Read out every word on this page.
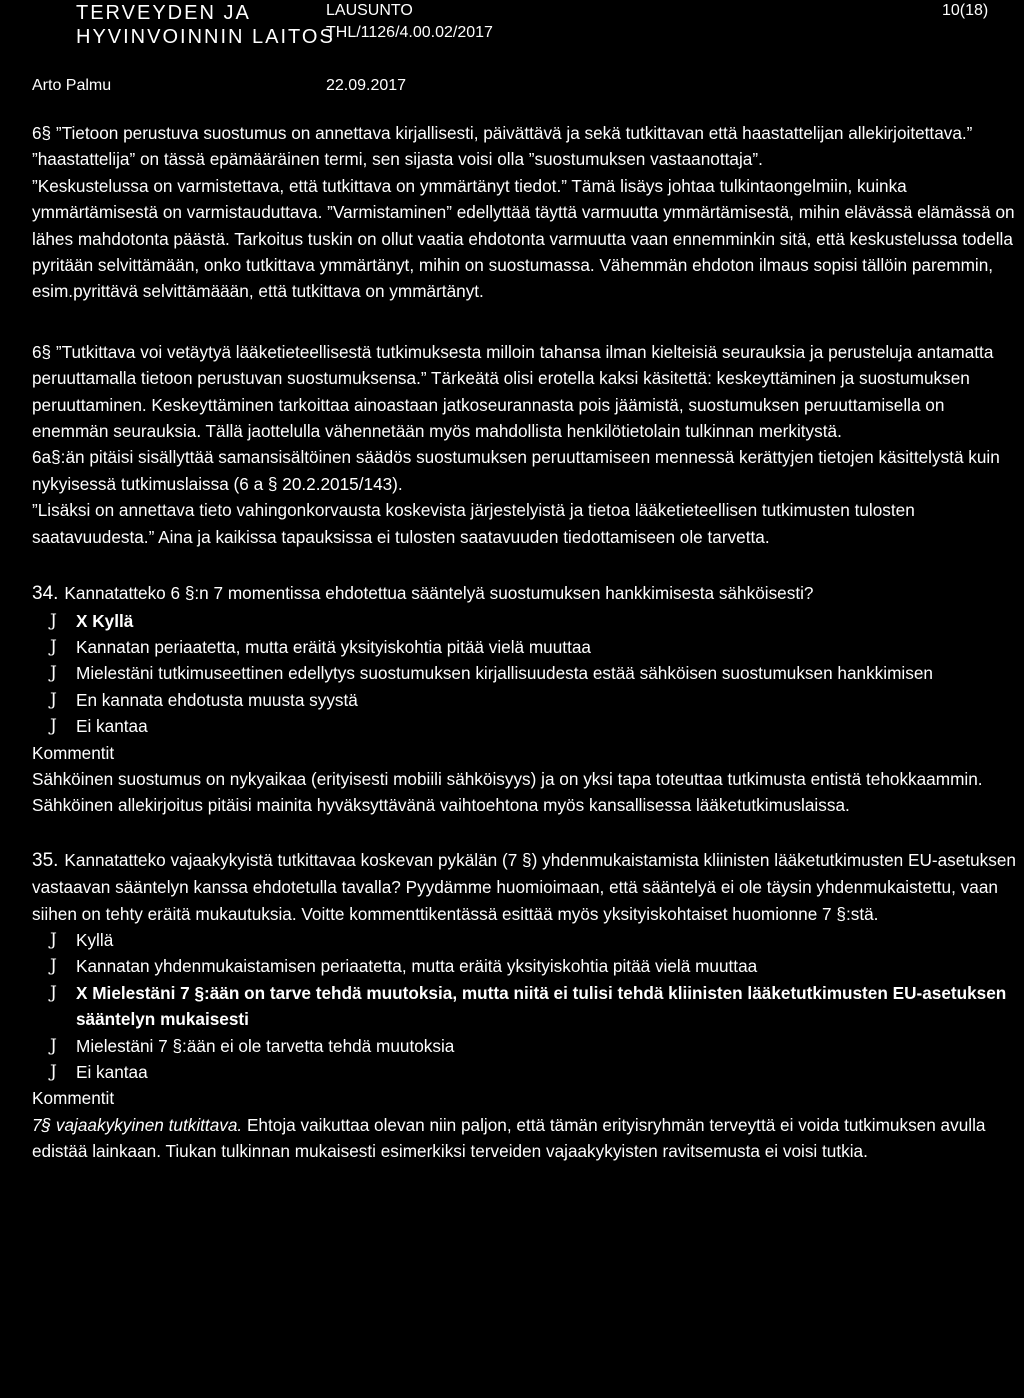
TERVEYDEN JA
HYVINVOINNIN LAITOS
LAUSUNTO
THL/1126/4.00.02/2017
10(18)
Arto Palmu	22.09.2017

6§ ”Tietoon perustuva suostumus on annettava kirjallisesti, päivättävä ja sekä tutkittavan että haastattelijan allekirjoitettava.” ”haastattelija” on tässä epämääräinen termi, sen sijasta voisi olla ”suostumuksen vastaanottaja”.

”Keskustelussa on varmistettava, että tutkittava on ymmärtänyt tiedot.” Tämä lisäys johtaa tulkintaongelmiin, kuinka ymmärtämisestä on varmistauduttava. ”Varmistaminen” edellyttää täyttä varmuutta ymmärtämisestä, mihin elävässä elämässä on lähes mahdotonta päästä. Tarkoitus tuskin on ollut vaatia ehdotonta varmuutta vaan ennemminkin sitä, että keskustelussa todella pyritään selvittämään, onko tutkittava ymmärtänyt, mihin on suostumassa. Vähemmän ehdoton ilmaus sopisi tällöin paremmin, esim.pyrittävä selvittämäään, että tutkittava on ymmärtänyt.

6§ ”Tutkittava voi vetäytyä lääketieteellisestä tutkimuksesta milloin tahansa ilman kielteisiä seurauksia ja perusteluja antamatta peruuttamalla tietoon perustuvan suostumuksensa.” Tärkeätä olisi erotella kaksi käsitettä: keskeyttäminen ja suostumuksen peruuttaminen. Keskeyttäminen tarkoittaa ainoastaan jatkoseurannasta pois jäämistä, suostumuksen peruuttamisella on enemmän seurauksia. Tällä jaottelulla vähennetään myös mahdollista henkilötietolain tulkinnan merkitystä.

6a§:än pitäisi sisällyttää samansisältöinen säädös suostumuksen peruuttamiseen mennessä kerättyjen tietojen käsittelystä kuin nykyisessä tutkimuslaissa (6 a § 20.2.2015/143).

”Lisäksi on annettava tieto vahingonkorvausta koskevista järjestelyistä ja tietoa lääketieteellisen tutkimusten tulosten saatavuudesta.” Aina ja kaikissa tapauksissa ei tulosten saatavuuden tiedottamiseen ole tarvetta.

34. Kannatatteko 6 §:n 7 momentissa ehdotettua sääntelyä suostumuksen hankkimisesta sähköisesti?

J	X Kyllä
J	Kannatan periaatetta, mutta eräitä yksityiskohtia pitää vielä muuttaa
J	Mielestäni tutkimuseettinen edellytys suostumuksen kirjallisuudesta estää sähköisen suostumuksen hankkimisen
J	En kannata ehdotusta muusta syystä
J	Ei kantaa

Kommentit

Sähköinen suostumus on nykyaikaa (erityisesti mobiili sähköisyys) ja on yksi tapa toteuttaa tutkimusta entistä tehokkaammin. Sähköinen allekirjoitus pitäisi mainita hyväksyttävänä vaihtoehtona myös kansallisessa lääketutkimuslaissa.

35. Kannatatteko vajaakykyistä tutkittavaa koskevan pykälän (7 §) yhdenmukaistamista kliinisten lääketutkimusten EU-asetuksen vastaavan sääntelyn kanssa ehdotetulla tavalla? Pyydämme huomioimaan, että sääntelyä ei ole täysin yhdenmukaistettu, vaan siihen on tehty eräitä mukautuksia. Voitte kommenttikentässä esittää myös yksityiskohtaiset huomionne 7 §:stä.

J	Kyllä
J	Kannatan yhdenmukaistamisen periaatetta, mutta eräitä yksityiskohtia pitää vielä muuttaa
J	X Mielestäni 7 §:ään on tarve tehdä muutoksia, mutta niitä ei tulisi tehdä kliinisten lääketutkimusten EU-asetuksen sääntelyn mukaisesti
J	Mielestäni 7 §:ään ei ole tarvetta tehdä muutoksia
J	Ei kantaa

Kommentit

7§ vajaakykyinen tutkittava. Ehtoja vaikuttaa olevan niin paljon, että tämän erityisryhmän terveyttä ei voida tutkimuksen avulla edistää lainkaan. Tiukan tulkinnan mukaisesti esimerkiksi terveiden vajaakykyisten ravitsemusta ei voisi tutkia.
